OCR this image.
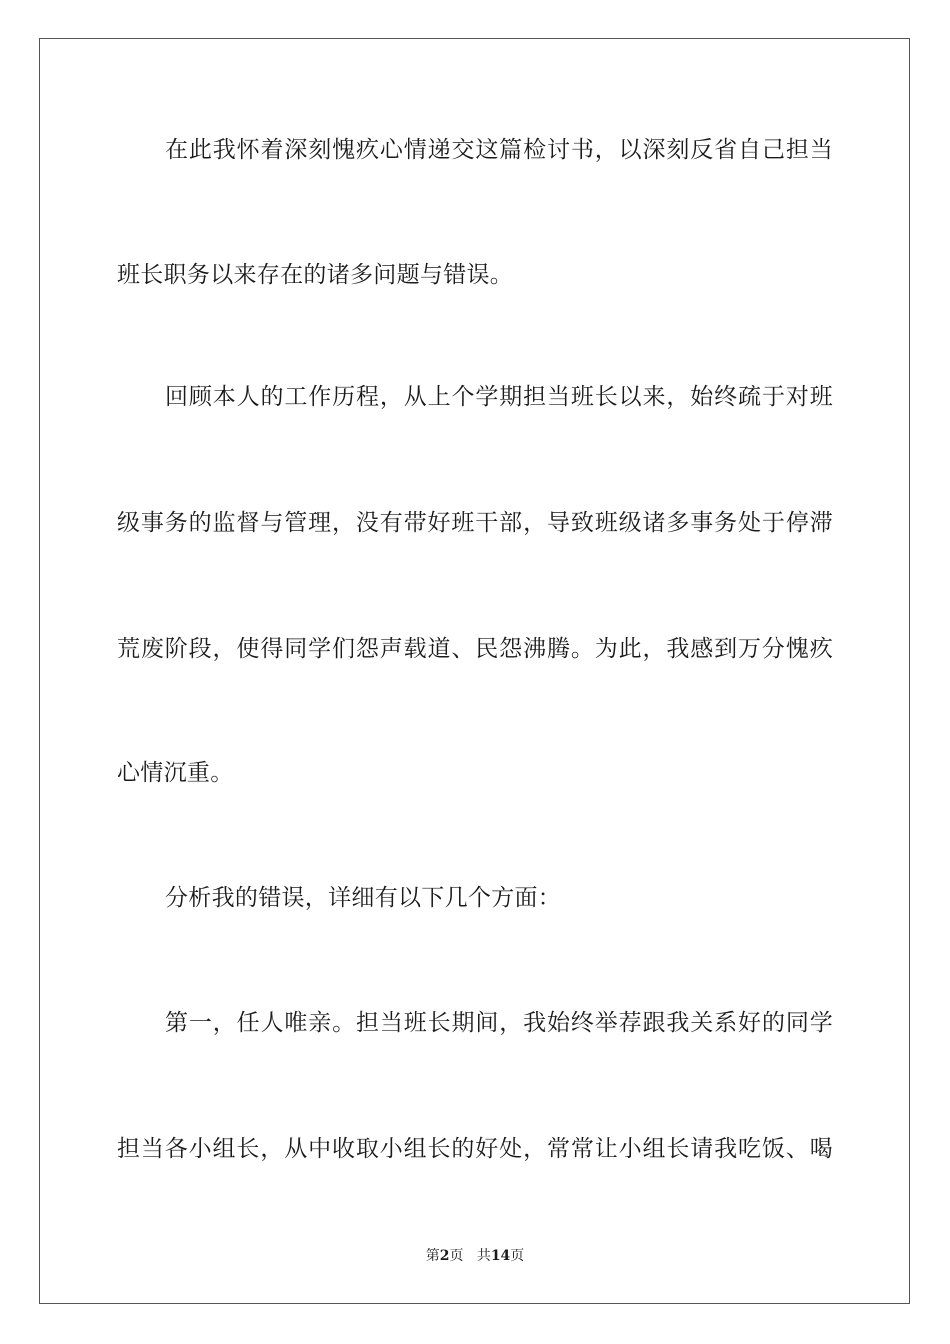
在此我怀着深刻愧疚心情递交这篇检讨书，以深刻反省自己担当
班长职务以来存在的诸多问题与错误。
回顾本人的工作历程，从上个学期担当班长以来，始终疏于对班
级事务的监督与管理，没有带好班干部，导致班级诸多事务处于停滞
荒废阶段，使得同学们怨声载道、民怨沸腾。为此，我感到万分愧疚
心情沉重。
分析我的错误，详细有以下几个方面：
第一，任人唯亲。担当班长期间，我始终举荐跟我关系好的同学
担当各小组长，从中收取小组长的好处，常常让小组长请我吃饭、喝
第2页 共14页
